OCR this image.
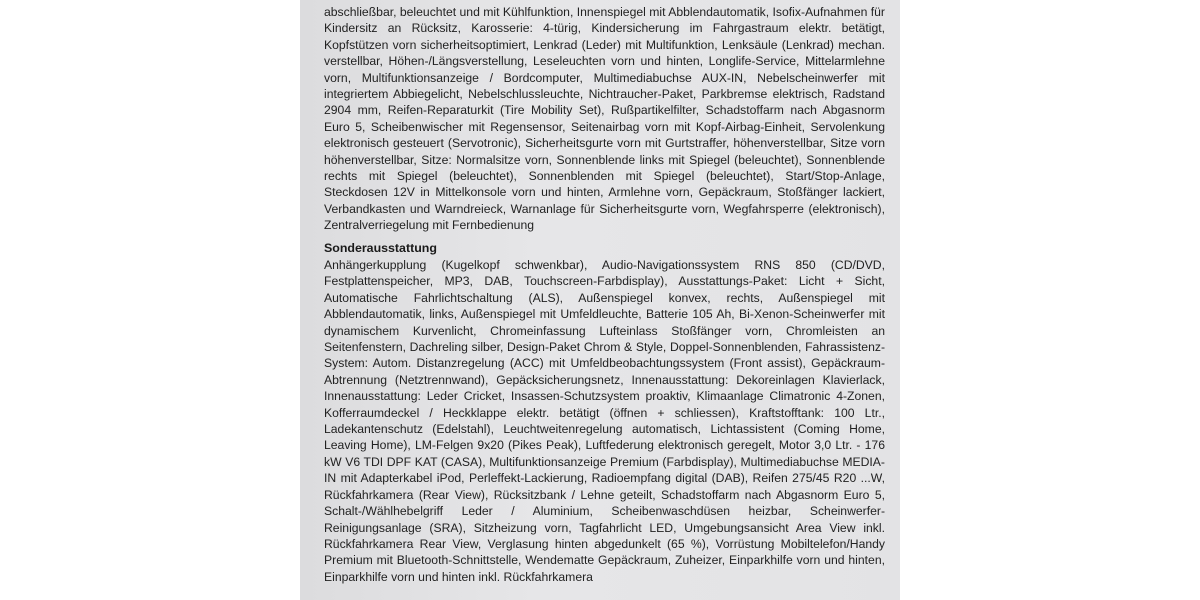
abschließbar, beleuchtet und mit Kühlfunktion, Innenspiegel mit Abblendautomatik, Isofix-Aufnahmen für Kindersitz an Rücksitz, Karosserie: 4-türig, Kindersicherung im Fahrgastraum elektr. betätigt, Kopfstützen vorn sicherheitsoptimiert, Lenkrad (Leder) mit Multifunktion, Lenksäule (Lenkrad) mechan. verstellbar, Höhen-/Längsverstellung, Leseleuchten vorn und hinten, Longlife-Service, Mittelarmlehne vorn, Multifunktionsanzeige / Bordcomputer, Multimediabuchse AUX-IN, Nebelscheinwerfer mit integriertem Abbiegelicht, Nebelschlussleuchte, Nichtraucher-Paket, Parkbremse elektrisch, Radstand 2904 mm, Reifen-Reparaturkit (Tire Mobility Set), Rußpartikelfilter, Schadstoffarm nach Abgasnorm Euro 5, Scheibenwischer mit Regensensor, Seitenairbag vorn mit Kopf-Airbag-Einheit, Servolenkung elektronisch gesteuert (Servotronic), Sicherheitsgurte vorn mit Gurtstraffer, höhenverstellbar, Sitze vorn höhenverstellbar, Sitze: Normalsitze vorn, Sonnenblende links mit Spiegel (beleuchtet), Sonnenblende rechts mit Spiegel (beleuchtet), Sonnenblenden mit Spiegel (beleuchtet), Start/Stop-Anlage, Steckdosen 12V in Mittelkonsole vorn und hinten, Armlehne vorn, Gepäckraum, Stoßfänger lackiert, Verbandkasten und Warndreieck, Warnanlage für Sicherheitsgurte vorn, Wegfahrsperre (elektronisch), Zentralverriegelung mit Fernbedienung

Sonderausstattung

Anhängerkupplung (Kugelkopf schwenkbar), Audio-Navigationssystem RNS 850 (CD/DVD, Festplattenspeicher, MP3, DAB, Touchscreen-Farbdisplay), Ausstattungs-Paket: Licht + Sicht, Automatische Fahrlichtschaltung (ALS), Außenspiegel konvex, rechts, Außenspiegel mit Abblendautomatik, links, Außenspiegel mit Umfeldleuchte, Batterie 105 Ah, Bi-Xenon-Scheinwerfer mit dynamischem Kurvenlicht, Chromeinfassung Lufteinlass Stoßfänger vorn, Chromleisten an Seitenfenstern, Dachreling silber, Design-Paket Chrom & Style, Doppel-Sonnenblenden, Fahrassistenz-System: Autom. Distanzregelung (ACC) mit Umfeldbeobachtungssystem (Front assist), Gepäckraum-Abtrennung (Netztrennwand), Gepäcksicherungsnetz, Innenausstattung: Dekoreinlagen Klavierlack, Innenausstattung: Leder Cricket, Insassen-Schutzsystem proaktiv, Klimaanlage Climatronic 4-Zonen, Kofferraumdeckel / Heckklappe elektr. betätigt (öffnen + schliessen), Kraftstofftank: 100 Ltr., Ladekantenschutz (Edelstahl), Leuchtweitenregelung automatisch, Lichtassistent (Coming Home, Leaving Home), LM-Felgen 9x20 (Pikes Peak), Luftfederung elektronisch geregelt, Motor 3,0 Ltr. - 176 kW V6 TDI DPF KAT (CASA), Multifunktionsanzeige Premium (Farbdisplay), Multimediabuchse MEDIA-IN mit Adapterkabel iPod, Perleffekt-Lackierung, Radioempfang digital (DAB), Reifen 275/45 R20 ...W, Rückfahrkamera (Rear View), Rücksitzbank / Lehne geteilt, Schadstoffarm nach Abgasnorm Euro 5, Schalt-/Wählhebelgriff Leder / Aluminium, Scheibenwaschdüsen heizbar, Scheinwerfer-Reinigungsanlage (SRA), Sitzheizung vorn, Tagfahrlicht LED, Umgebungsansicht Area View inkl. Rückfahrkamera Rear View, Verglasung hinten abgedunkelt (65 %), Vorrüstung Mobiltelefon/Handy Premium mit Bluetooth-Schnittstelle, Wendematte Gepäckraum, Zuheizer, Einparkhilfe vorn und hinten, Einparkhilfe vorn und hinten inkl. Rückfahrkamera
